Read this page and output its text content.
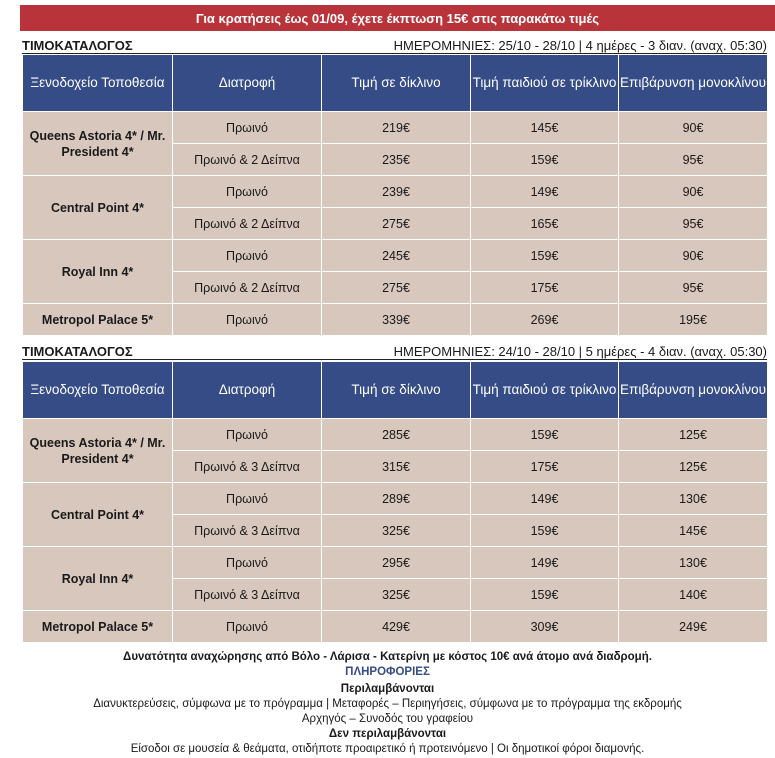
Για κρατήσεις έως 01/09, έχετε έκπτωση 15€ στις παρακάτω τιμές
ΤΙΜΟΚΑΤΑΛΟΓΟΣ	ΗΜΕΡΟΜΗΝΙΕΣ: 25/10 - 28/10 | 4 ημέρες - 3 διαν. (αναχ. 05:30)
Ξενοδοχείο Τοποθεσία	Διατροφή	Τιμή σε δίκλινο	Τιμή παιδιού σε τρίκλινο	Επιβάρυνση μονοκλίνου
Queens Astoria 4* / Mr. President 4*	Πρωινό	219€	145€	90€
	Πρωινό & 2 Δείπνα	235€	159€	95€
Central Point 4*	Πρωινό	239€	149€	90€
	Πρωινό & 2 Δείπνα	275€	165€	95€
Royal Inn 4*	Πρωινό	245€	159€	90€
	Πρωινό & 2 Δείπνα	275€	175€	95€
Metropol Palace 5*	Πρωινό	339€	269€	195€
ΤΙΜΟΚΑΤΑΛΟΓΟΣ	ΗΜΕΡΟΜΗΝΙΕΣ: 24/10 - 28/10 | 5 ημέρες - 4 διαν. (αναχ. 05:30)
Ξενοδοχείο Τοποθεσία	Διατροφή	Τιμή σε δίκλινο	Τιμή παιδιού σε τρίκλινο	Επιβάρυνση μονοκλίνου
Queens Astoria 4* / Mr. President 4*	Πρωινό	285€	159€	125€
	Πρωινό & 3 Δείπνα	315€	175€	125€
Central Point 4*	Πρωινό	289€	149€	130€
	Πρωινό & 3 Δείπνα	325€	159€	145€
Royal Inn 4*	Πρωινό	295€	149€	130€
	Πρωινό & 3 Δείπνα	325€	159€	140€
Metropol Palace 5*	Πρωινό	429€	309€	249€
Δυνατότητα αναχώρησης από Βόλο - Λάρισα - Κατερίνη με κόστος 10€ ανά άτομο ανά διαδρομή.
ΠΛΗΡΟΦΟΡΙΕΣ
Περιλαμβάνονται
Διανυκτερεύσεις, σύμφωνα με το πρόγραμμα | Μεταφορές – Περιηγήσεις, σύμφωνα με το πρόγραμμα της εκδρομής
Αρχηγός – Συνοδός του γραφείου
Δεν περιλαμβάνονται
Είσοδοι σε μουσεία & θεάματα, οτιδήποτε προαιρετικό ή προτεινόμενο | Οι δημοτικοί φόροι διαμονής.
